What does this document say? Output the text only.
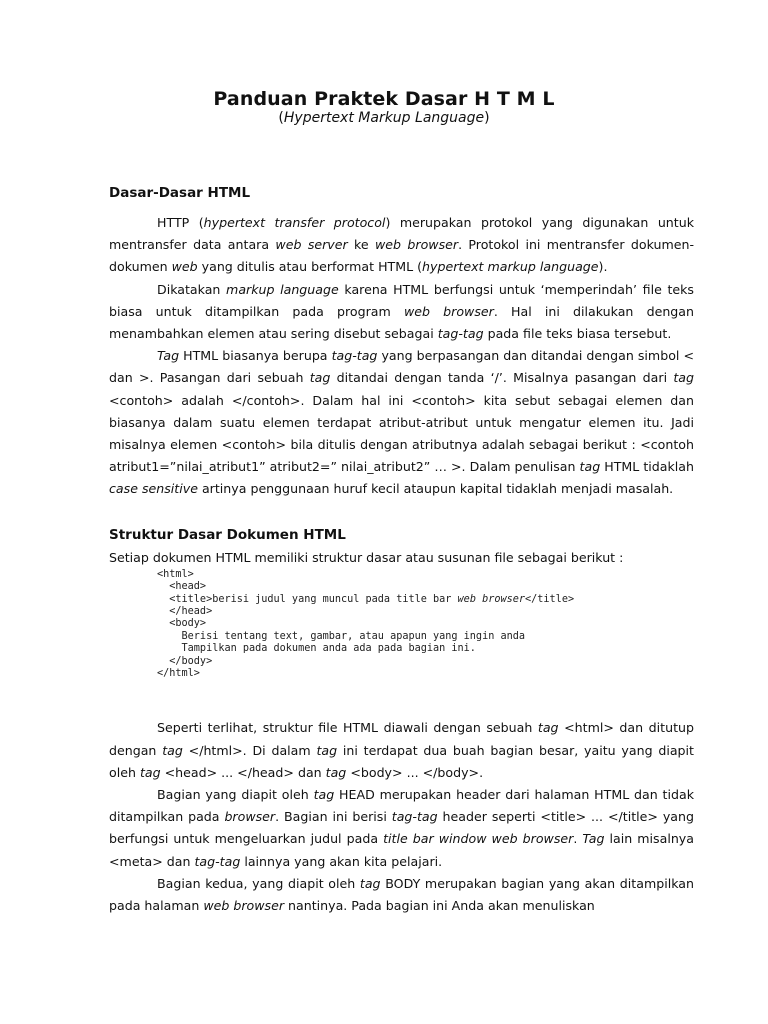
Panduan Praktek Dasar H T M L
(Hypertext Markup Language)
Dasar-Dasar HTML

HTTP (hypertext transfer protocol) merupakan protokol yang digunakan untuk mentransfer data antara web server ke web browser. Protokol ini mentransfer dokumen-dokumen web yang ditulis atau berformat HTML (hypertext markup language).

Dikatakan markup language karena HTML berfungsi untuk ‘memperindah’ file teks biasa untuk ditampilkan pada program web browser. Hal ini dilakukan dengan menambahkan elemen atau sering disebut sebagai tag-tag pada file teks biasa tersebut.

Tag HTML biasanya berupa tag-tag yang berpasangan dan ditandai dengan simbol < dan >. Pasangan dari sebuah tag ditandai dengan tanda ‘/’. Misalnya pasangan dari tag <contoh> adalah </contoh>. Dalam hal ini <contoh> kita sebut sebagai elemen dan biasanya dalam suatu elemen terdapat atribut-atribut untuk mengatur elemen itu. Jadi misalnya elemen <contoh> bila ditulis dengan atributnya adalah sebagai berikut : <contoh atribut1=”nilai_atribut1” atribut2=” nilai_atribut2” … >. Dalam penulisan tag HTML tidaklah case sensitive artinya penggunaan huruf kecil ataupun kapital tidaklah menjadi masalah.

Struktur Dasar Dokumen HTML

Setiap dokumen HTML memiliki struktur dasar atau susunan file sebagai berikut :

<html>
<head>
<title>berisi judul yang muncul pada title bar web browser</title>
</head>
<body>
Berisi tentang text, gambar, atau apapun yang ingin anda
Tampilkan pada dokumen anda ada pada bagian ini.
</body>
</html>

Seperti terlihat, struktur file HTML diawali dengan sebuah tag <html> dan ditutup dengan tag </html>. Di dalam tag ini terdapat dua buah bagian besar, yaitu yang diapit oleh tag <head> ... </head> dan tag <body> ... </body>.

Bagian yang diapit oleh tag HEAD merupakan header dari halaman HTML dan tidak ditampilkan pada browser. Bagian ini berisi tag-tag header seperti <title> ... </title> yang berfungsi untuk mengeluarkan judul pada title bar window web browser. Tag lain misalnya <meta> dan tag-tag lainnya yang akan kita pelajari.

Bagian kedua, yang diapit oleh tag BODY merupakan bagian yang akan ditampilkan pada halaman web browser nantinya. Pada bagian ini Anda akan menuliskan
